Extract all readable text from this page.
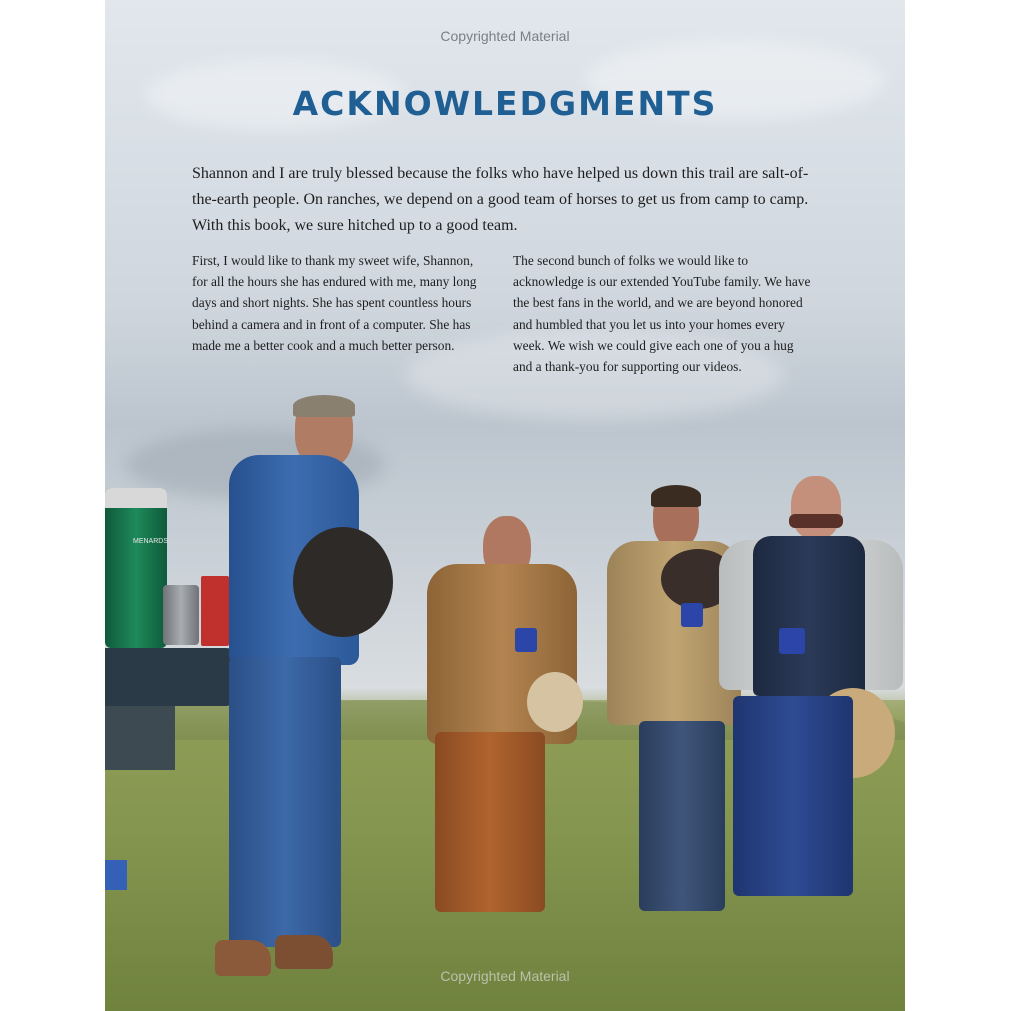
MENARDS
Copyrighted Material
ACKNOWLEDGMENTS
Shannon and I are truly blessed because the folks who have helped us down this trail are salt-of-the-earth people. On ranches, we depend on a good team of horses to get us from camp to camp. With this book, we sure hitched up to a good team.
First, I would like to thank my sweet wife, Shannon, for all the hours she has endured with me, many long days and short nights. She has spent countless hours behind a camera and in front of a computer. She has made me a better cook and a much better person.
The second bunch of folks we would like to acknowledge is our extended YouTube family. We have the best fans in the world, and we are beyond honored and humbled that you let us into your homes every week. We wish we could give each one of you a hug and a thank-you for supporting our videos.
Copyrighted Material
